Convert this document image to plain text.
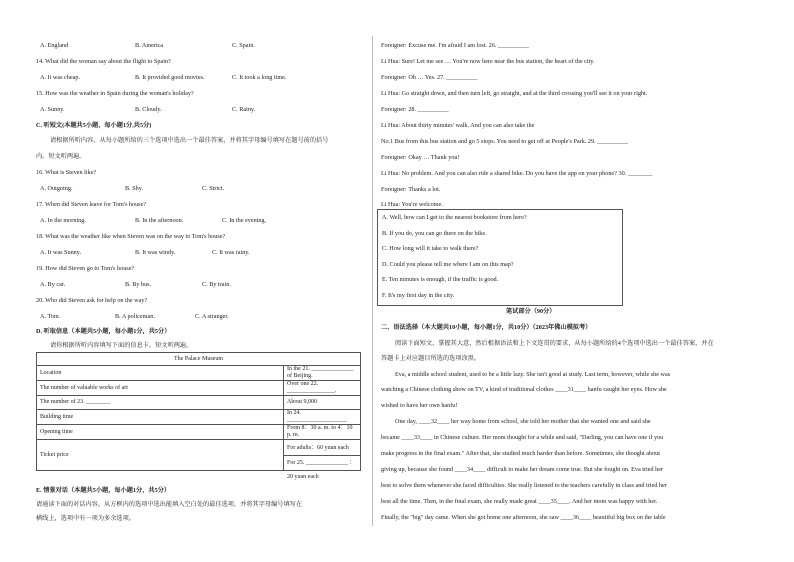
A. England	B. America	C. Spain.
14. What did the woman say about the flight to Spain?
A. It was cheap.	B. It provided good movies.	C. It took a long time.
15. How was the weather in Spain during the woman's holiday?
A. Sunny.	B. Cloudy.	C. Rainy.
C. 听短文(本题共5小题，每小题1分,共5分)
请根据所听内容，从每小题所给的三个选项中选出一个最佳答案，并将其字母编号填写在题号前的括号
内。短文听两遍。
16. What is Steven like?
A. Outgoing.	B. Shy.	C. Strict.
17. When did Steven leave for Tom's house?
A. In the morning.	B. In the afternoon.	C. In the evening.
18. What was the weather like when Steven was on the way to Tom's house?
A. It was Sunny.	B. It was windy.	C. It was rainy.
19. How did Steven go to Tom's house?
A. By car.	B. By bus.	C. By train.
20. Who did Steven ask for help on the way?
A. Tom.	B. A policeman.	C. A stranger.
D. 听取信息（本题共5小题，每小题1分，共5分）
请你根据所听内容填写下面的信息卡。短文听两遍。
The Palace Museum	
Location	In the 21. ______________ of Beijing.
The number of valuable works of art	Over one 22. ________________.
The number of 23. ________	About 9,000
Building time	In 24. ____________________
Opening time	From 8：30 a. m. to 4：10 p. m.
Ticket price	For adults：60 yuan each
For 25. ______________ ： 20 yuan each
E. 情景对话（本题共5小题，每小题1分，共5分）
请通读下面的对话内容，从方框内的选项中选出能填入空白处的最佳选项，并将其字母编号填写在
横线上，选项中有一项为多余选项。
Foreigner: Excuse me. I'm afraid I am lost. 26. __________
Li Hua: Sure! Let me see … You're now here near the bus station, the heart of the city.
Foreigner: Oh … Yes. 27. __________
Li Hua: Go straight down, and then turn left, go straight, and at the third crossing you'll see it on your right.
Foreigner: 28. __________
Li Hua: About thirty minutes' walk. And you can also take the
No.1 Bus from this bus station and go 5 stops. You need to get off at People's Park. 29. __________
Foreigner: Okay … Thank you!
Li Hua: No problem. And you can also ride a shared bike. Do you have the app on your phone? 30. ________
Foreigner: Thanks a lot.
Li Hua: You're welcome.
A. Well, how can I get to the nearest bookstore from here?
B. If you do, you can go there on the bike.
C. How long will it take to walk there?
D. Could you please tell me where I am on this map?
E. Ten minutes is enough, if the traffic is good.
F. It's my first day in the city.
笔试部分（90分）
二、语法选择（本大题共10小题，每小题1分，共10分）（2023年佛山模拟考）
阅读下面短文，掌握其大意，然后根据语法和上下文连贯的要求，从每小题所给的4个选项中选出一个最佳答案，并在
答题卡上对应题目所选的选项涂黑。
Eva, a middle school student, used to be a little lazy. She isn't good at study. Last term, however, while she was
watching a Chinese clothing show on TV, a kind of traditional clothes ____31____ hanfu caught her eyes. How she
wished to have her own hanfu!
One day, ____32____ her way home from school, she told her mother that she wanted one and said she
became ____33____ in Chinese culture. Her mom thought for a while and said, "Darling, you can have one if you
make progress in the final exam." After that, she studied much harder than before. Sometimes, she thought about
giving up, because she found ____34____ difficult to make her dream come true. But she fought on. Eva tried her
best to solve them whenever she faced difficulties. She really listened to the teachers carefully in class and tried her
best all the time. Then, in the final exam, she really made great ____35____. And her mom was happy with her.
Finally, the "big" day came. When she got home one afternoon, she saw ____36____ beautiful big box on the table
